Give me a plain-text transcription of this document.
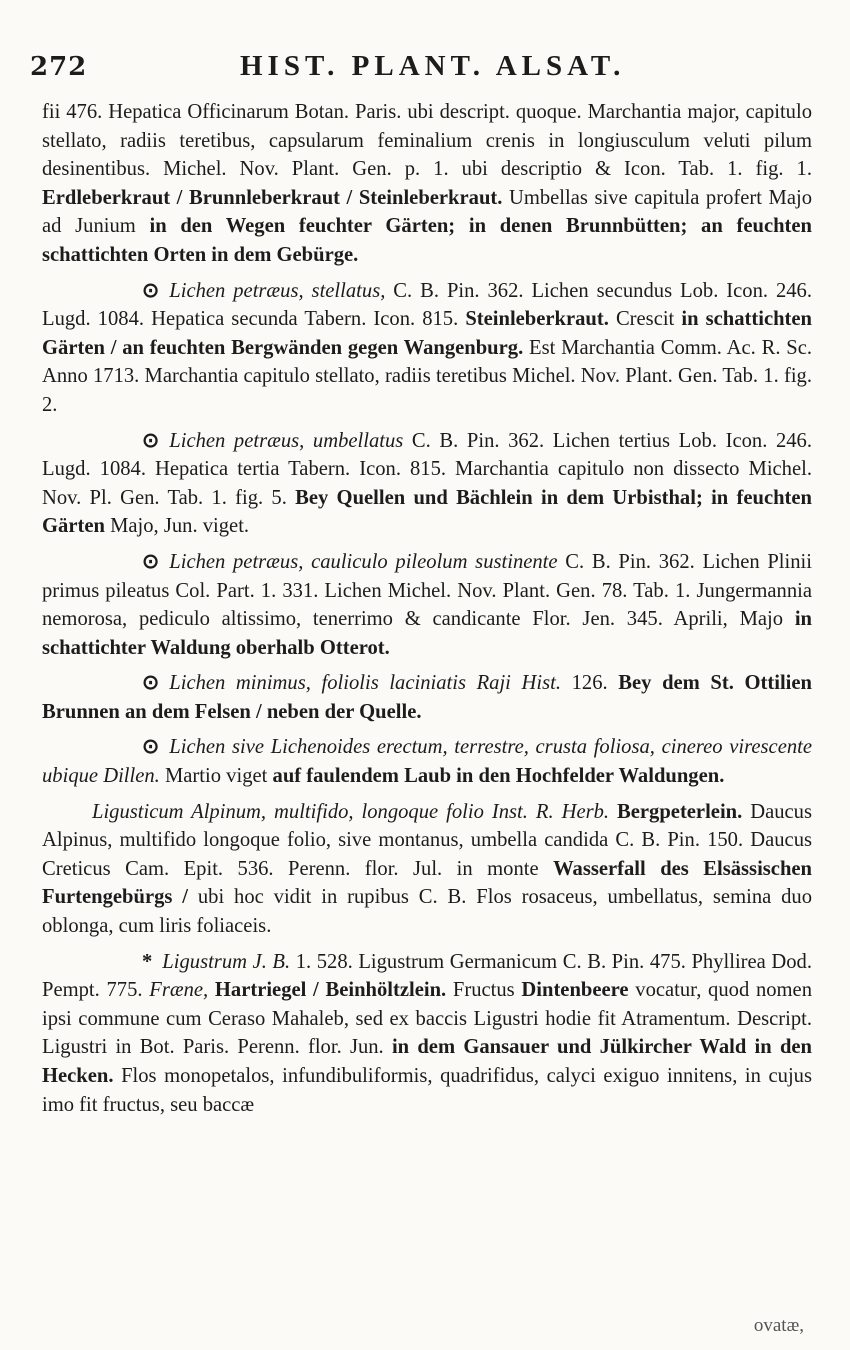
272	HIST. PLANT. ALSAT.

fii 476. Hepatica Officinarum Botan. Paris. ubi descript. quoque. Marchantia major, capitulo stellato, radiis teretibus, capsularum feminalium crenis in longiusculum veluti pilum desinentibus. Michel. Nov. Plant. Gen. p. 1. ubi descriptio & Icon. Tab. 1. fig. 1. Erdleberkraut / Brunnleberkraut / Steinleberkraut. Umbellas sive capitula profert Majo ad Junium in den Wegen feuchter Gärten; in denen Brunnbütten; an feuchten schattichten Orten in dem Gebürge.

⊙ Lichen petræus, stellatus, C. B. Pin. 362. Lichen secundus Lob. Icon. 246. Lugd. 1084. Hepatica secunda Tabern. Icon. 815. Steinleberkraut. Crescit in schattichten Gärten / an feuchten Bergwänden gegen Wangenburg. Est Marchantia Comm. Ac. R. Sc. Anno 1713. Marchantia capitulo stellato, radiis teretibus Michel. Nov. Plant. Gen. Tab. 1. fig. 2.

⊙ Lichen petræus, umbellatus C. B. Pin. 362. Lichen tertius Lob. Icon. 246. Lugd. 1084. Hepatica tertia Tabern. Icon. 815. Marchantia capitulo non dissecto Michel. Nov. Pl. Gen. Tab. 1. fig. 5. Bey Quellen und Bächlein in dem Urbisthal; in feuchten Gärten Majo, Jun. viget.

⊙ Lichen petræus, cauliculo pileolum sustinente C. B. Pin. 362. Lichen Plinii primus pileatus Col. Part. 1. 331. Lichen Michel. Nov. Plant. Gen. 78. Tab. 1. Jungermannia nemorosa, pediculo altissimo, tenerrimo & candicante Flor. Jen. 345. Aprili, Majo in schattichter Waldung oberhalb Otterot.

⊙ Lichen minimus, foliolis laciniatis Raji Hist. 126. Bey dem St. Ottilien Brunnen an dem Felsen / neben der Quelle.

⊙ Lichen sive Lichenoides erectum, terrestre, crusta foliosa, cinereo virescente ubique Dillen. Martio viget auf faulendem Laub in den Hochfelder Waldungen.

Ligusticum Alpinum, multifido, longoque folio Inst. R. Herb. Bergpeterlein. Daucus Alpinus, multifido longoque folio, sive montanus, umbella candida C. B. Pin. 150. Daucus Creticus Cam. Epit. 536. Perenn. flor. Jul. in monte Wasserfall des Elsässischen Furtengebürgs / ubi hoc vidit in rupibus C. B. Flos rosaceus, umbellatus, semina duo oblonga, cum liris foliaceis.

* Ligustrum J. B. 1. 528. Ligustrum Germanicum C. B. Pin. 475. Phyllirea Dod. Pempt. 775. Fræne, Hartriegel / Beinhöltzlein. Fructus Dintenbeere vocatur, quod nomen ipsi commune cum Ceraso Mahaleb, sed ex baccis Ligustri hodie fit Atramentum. Descript. Ligustri in Bot. Paris. Perenn. flor. Jun. in dem Gansauer und Jülkircher Wald in den Hecken. Flos monopetalos, infundibuliformis, quadrifidus, calyci exiguo innitens, in cujus imo fit fructus, seu baccæ

ovatæ,
